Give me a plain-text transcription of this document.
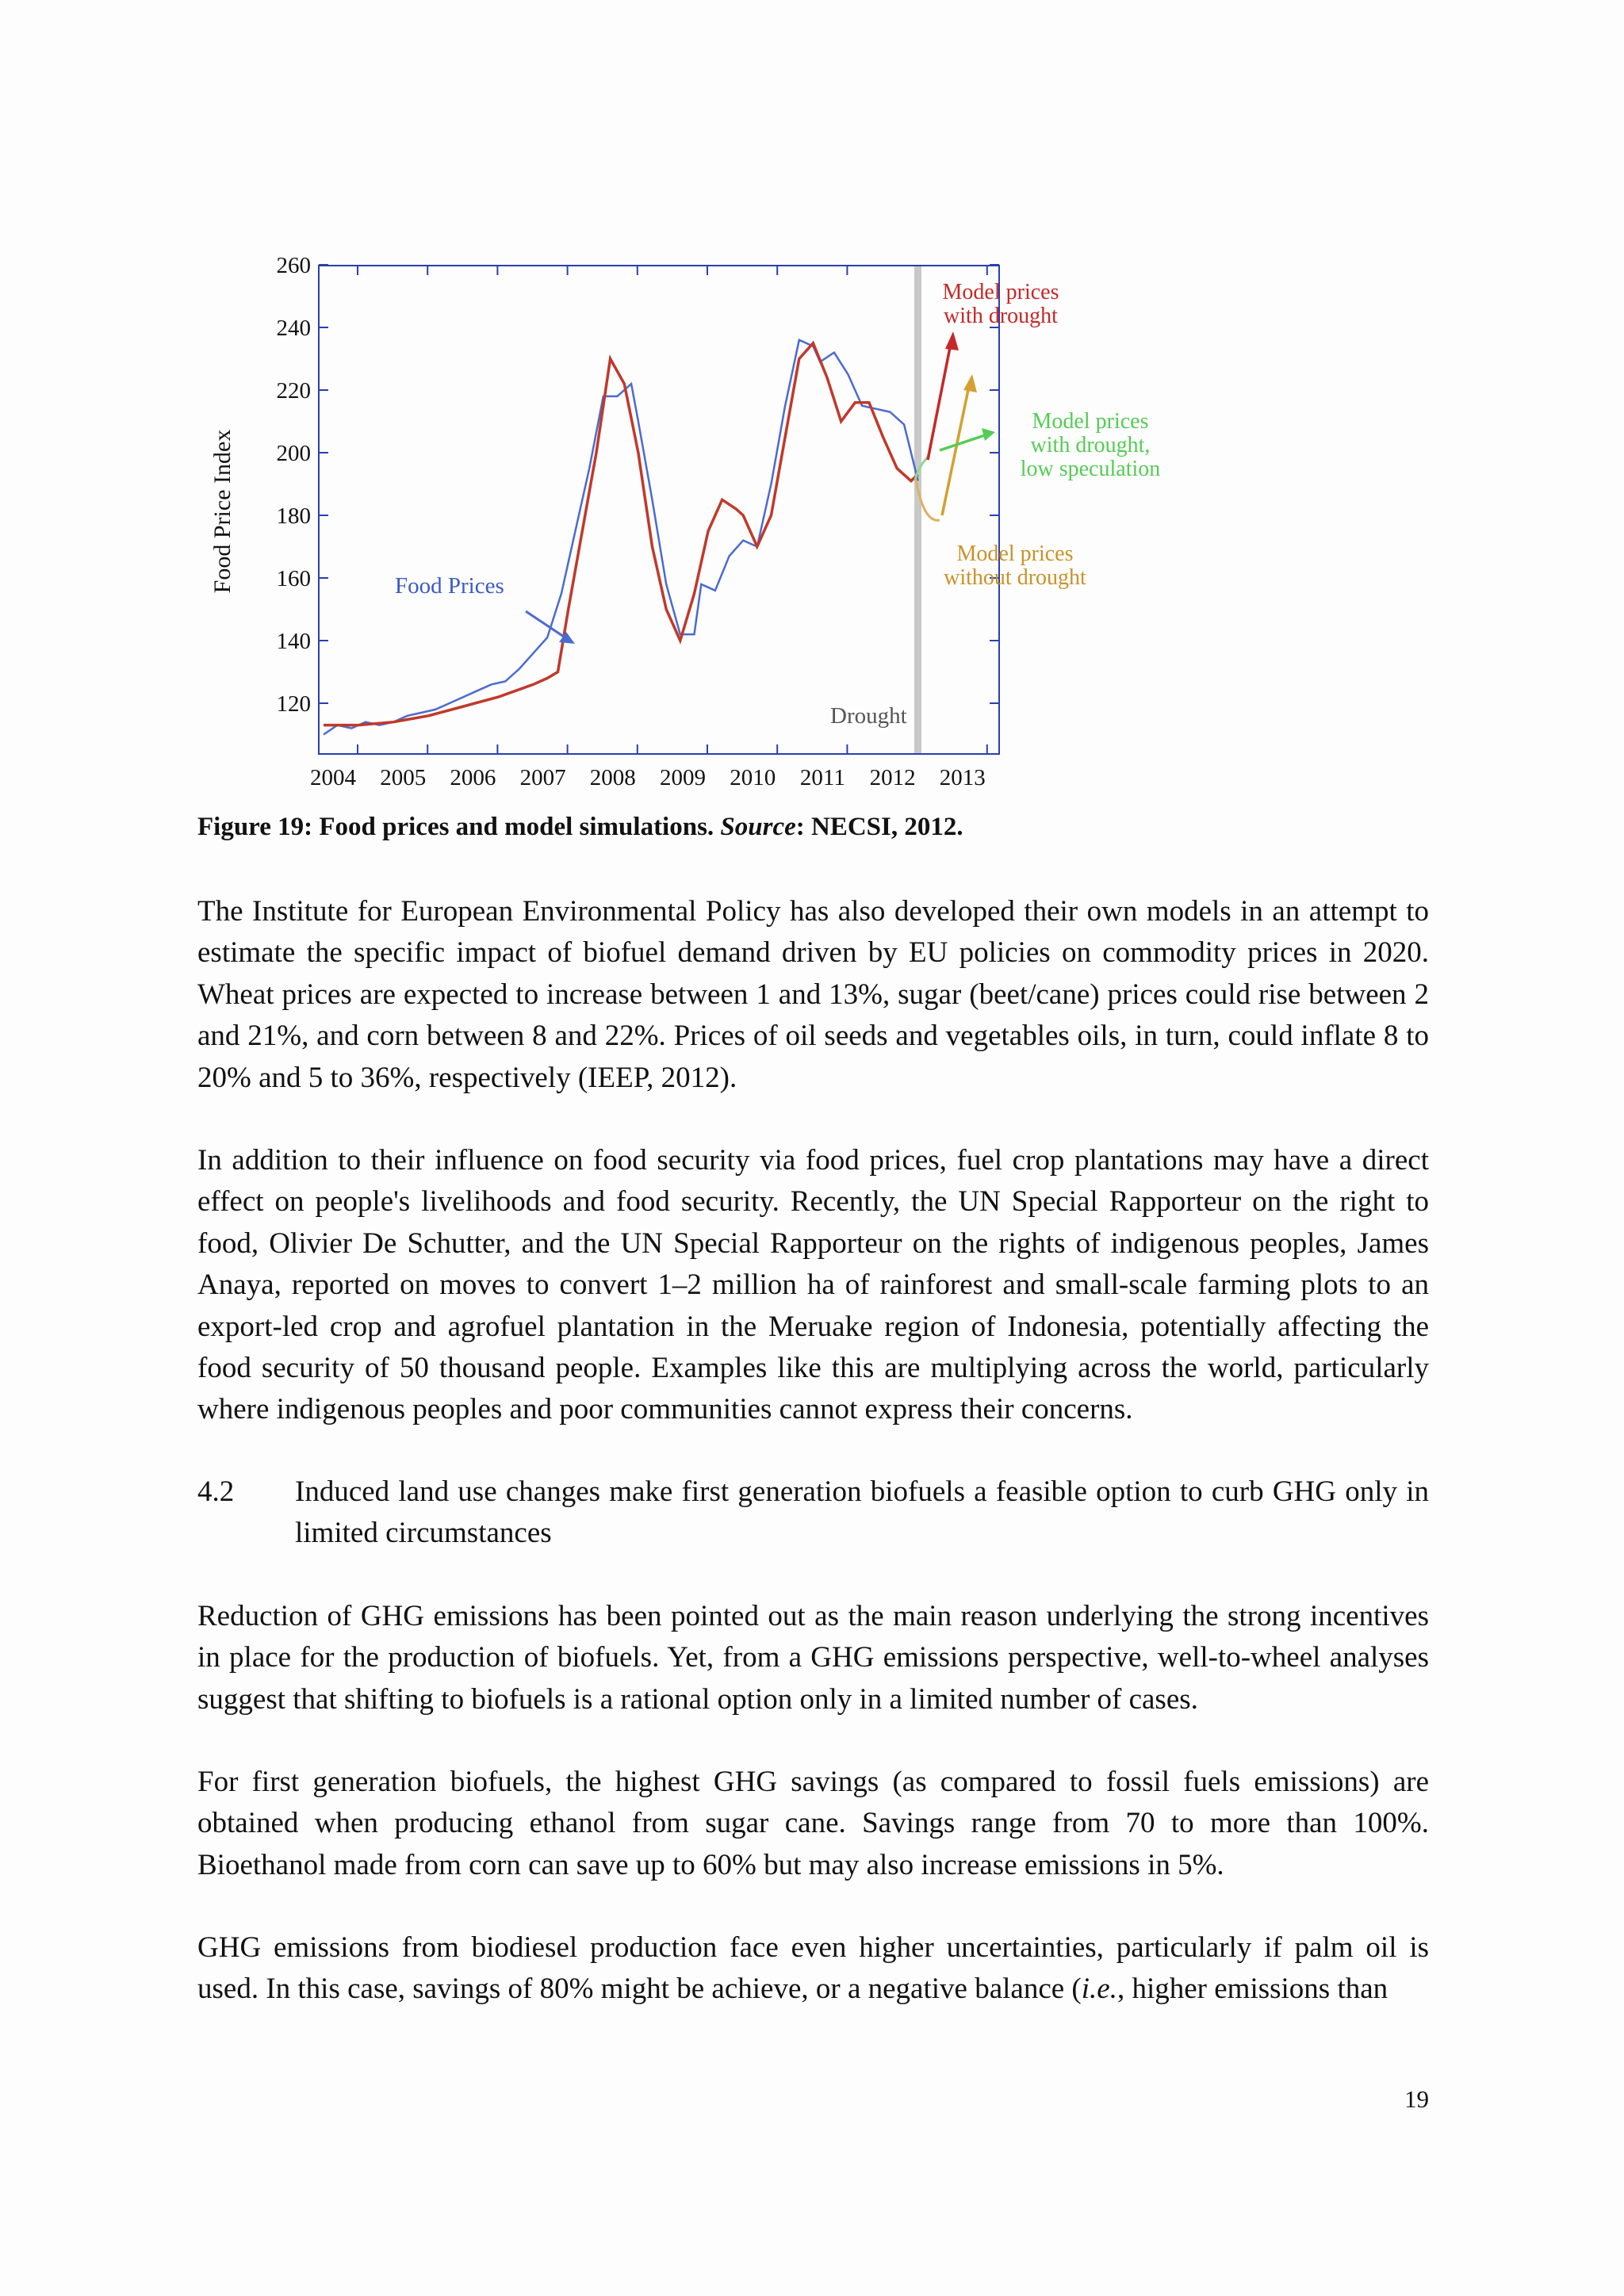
120
140
160
180
200
220
240
260
2004 2005 2006 2007 2008 2009 2010 2011 2012 2013
Food Price Index	Food Prices
Drought
Model prices
with drought
Model prices
with drought,
low speculation
Model prices
without drought
Figure 19: Food prices and model simulations. Source: NECSI, 2012.

The Institute for European Environmental Policy has also developed their own models in an attempt to estimate the specific impact of biofuel demand driven by EU policies on commodity prices in 2020. Wheat prices are expected to increase between 1 and 13%, sugar (beet/cane) prices could rise between 2 and 21%, and corn between 8 and 22%. Prices of oil seeds and vegetables oils, in turn, could inflate 8 to 20% and 5 to 36%, respectively (IEEP, 2012).

In addition to their influence on food security via food prices, fuel crop plantations may have a direct effect on people's livelihoods and food security. Recently, the UN Special Rapporteur on the right to food, Olivier De Schutter, and the UN Special Rapporteur on the rights of indigenous peoples, James Anaya, reported on moves to convert 1–2 million ha of rainforest and small-scale farming plots to an export-led crop and agrofuel plantation in the Meruake region of Indonesia, potentially affecting the food security of 50 thousand people. Examples like this are multiplying across the world, particularly where indigenous peoples and poor communities cannot express their concerns.

4.2 Induced land use changes make first generation biofuels a feasible option to curb GHG only in limited circumstances

Reduction of GHG emissions has been pointed out as the main reason underlying the strong incentives in place for the production of biofuels. Yet, from a GHG emissions perspective, well-to-wheel analyses suggest that shifting to biofuels is a rational option only in a limited number of cases.

For first generation biofuels, the highest GHG savings (as compared to fossil fuels emissions) are obtained when producing ethanol from sugar cane. Savings range from 70 to more than 100%. Bioethanol made from corn can save up to 60% but may also increase emissions in 5%.

GHG emissions from biodiesel production face even higher uncertainties, particularly if palm oil is used. In this case, savings of 80% might be achieve, or a negative balance (i.e., higher emissions than

19
